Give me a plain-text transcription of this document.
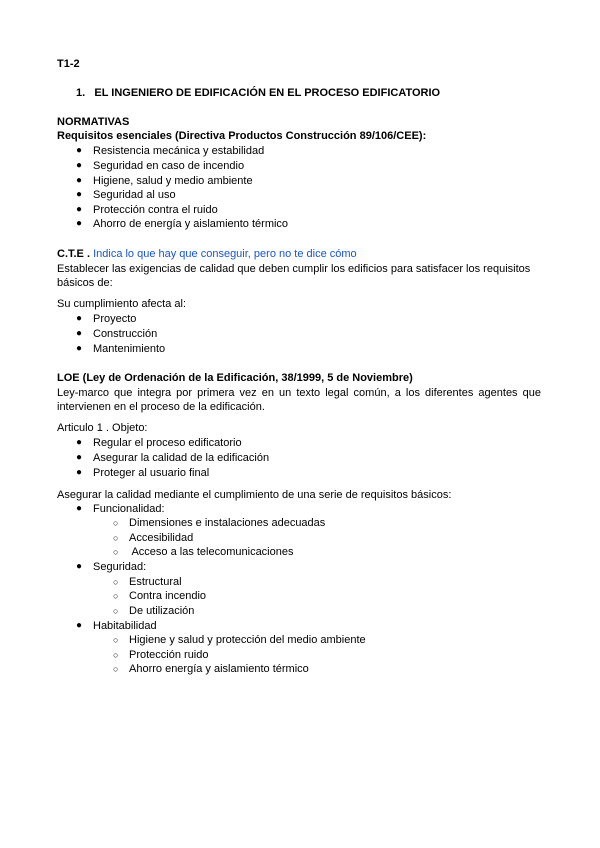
T1-2
1. EL INGENIERO DE EDIFICACIÓN EN EL PROCESO EDIFICATORIO
NORMATIVAS
Requisitos esenciales (Directiva Productos Construcción 89/106/CEE):
● Resistencia mecánica y estabilidad
● Seguridad en caso de incendio
● Higiene, salud y medio ambiente
● Seguridad al uso
● Protección contra el ruido
● Ahorro de energía y aislamiento térmico
C.T.E . Indica lo que hay que conseguir, pero no te dice cómo
Establecer las exigencias de calidad que deben cumplir los edificios para satisfacer los requisitos
básicos de:
Su cumplimiento afecta al:
● Proyecto
● Construcción
● Mantenimiento
LOE (Ley de Ordenación de la Edificación, 38/1999, 5 de Noviembre)
Ley-marco que integra por primera vez en un texto legal común, a los diferentes agentes que
intervienen en el proceso de la edificación.
Articulo 1 . Objeto:
● Regular el proceso edificatorio
● Asegurar la calidad de la edificación
● Proteger al usuario final
Asegurar la calidad mediante el cumplimiento de una serie de requisitos básicos:
● Funcionalidad:
○ Dimensiones e instalaciones adecuadas
○ Accesibilidad
○ Acceso a las telecomunicaciones
● Seguridad:
○ Estructural
○ Contra incendio
○ De utilización
● Habitabilidad
○ Higiene y salud y protección del medio ambiente
○ Protección ruido
○ Ahorro energía y aislamiento térmico
